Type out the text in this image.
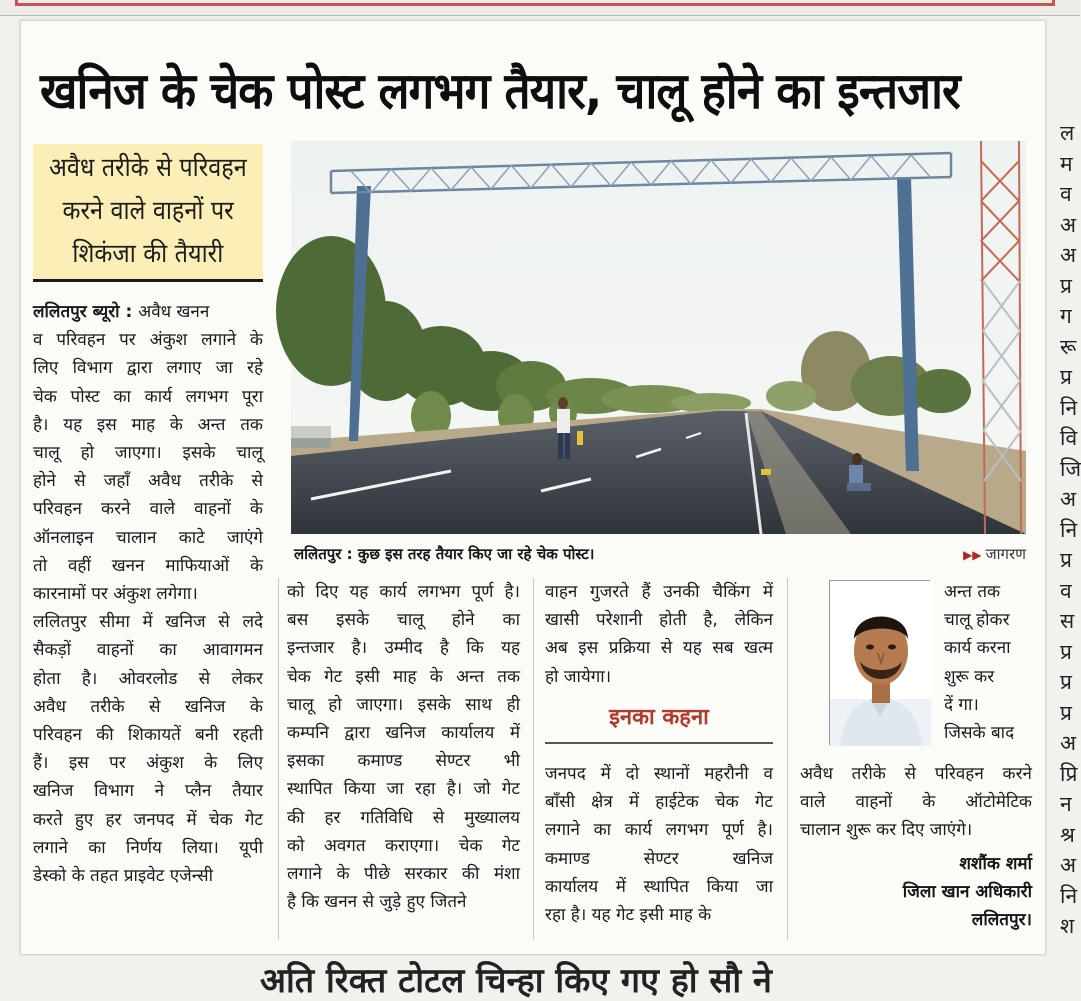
खनिज के चेक पोस्ट लगभग तैयार, चालू होने का इन्तजार
अवैध तरीके से परिवहन
करने वाले वाहनों पर
शिकंजा की तैयारी
ललितपुर ब्यूरो : अवैध खनन
व परिवहन पर अंकुश लगाने के
लिए विभाग द्वारा लगाए जा रहे
चेक पोस्ट का कार्य लगभग पूरा
है। यह इस माह के अन्त तक
चालू हो जाएगा। इसके चालू
होने से जहाँ अवैध तरीके से
परिवहन करने वाले वाहनों के
ऑनलाइन चालान काटे जाएंगे
तो वहीं खनन माफियाओं के
कारनामों पर अंकुश लगेगा।
ललितपुर सीमा में खनिज से लदे
सैकड़ों वाहनों का आवागमन
होता है। ओवरलोड से लेकर
अवैध तरीके से खनिज के
परिवहन की शिकायतें बनी रहती
हैं। इस पर अंकुश के लिए
खनिज विभाग ने प्लैन तैयार
करते हुए हर जनपद में चेक गेट
लगाने का निर्णय लिया। यूपी
डेस्को के तहत प्राइवेट एजेन्सी
ललितपुर : कुछ इस तरह तैयार किए जा रहे चेक पोस्ट।	▶▶ जागरण
को दिए यह कार्य लगभग पूर्ण है।
बस इसके चालू होने का
इन्तजार है। उम्मीद है कि यह
चेक गेट इसी माह के अन्त तक
चालू हो जाएगा। इसके साथ ही
कम्पनि द्वारा खनिज कार्यालय में
इसका कमाण्ड सेण्टर भी
स्थापित किया जा रहा है। जो गेट
की हर गतिविधि से मुख्यालय
को अवगत कराएगा। चेक गेट
लगाने के पीछे सरकार की मंशा
है कि खनन से जुड़े हुए जितने
वाहन गुजरते हैं उनकी चैकिंग में
खासी परेशानी होती है, लेकिन
अब इस प्रक्रिया से यह सब खत्म
हो जायेगा।
इनका कहना
जनपद में दो स्थानों महरौनी व
बाँसी क्षेत्र में हाईटेक चेक गेट
लगाने का कार्य लगभग पूर्ण है।
कमाण्ड सेण्टर खनिज
कार्यालय में स्थापित किया जा
रहा है। यह गेट इसी माह के
अन्त तक
चालू होकर
कार्य करना
शुरू कर
दें गा।
जिसके बाद
अवैध तरीके से परिवहन करने
वाले वाहनों के ऑटोमेटिक
चालान शुरू कर दिए जाएंगे।
शशौंक शर्मा
जिला खान अधिकारी
ललितपुर।
ल
म
व
अ
अ
प्र
ग
रू
प्र
नि
वि
जि
अ
नि
प्र
व
स
प्र
प्र
प्र
अ
प्रि
न
श्र
अ
नि
श
अति रिक्त टोटल चिन्हा किए गए हो सौ ने
